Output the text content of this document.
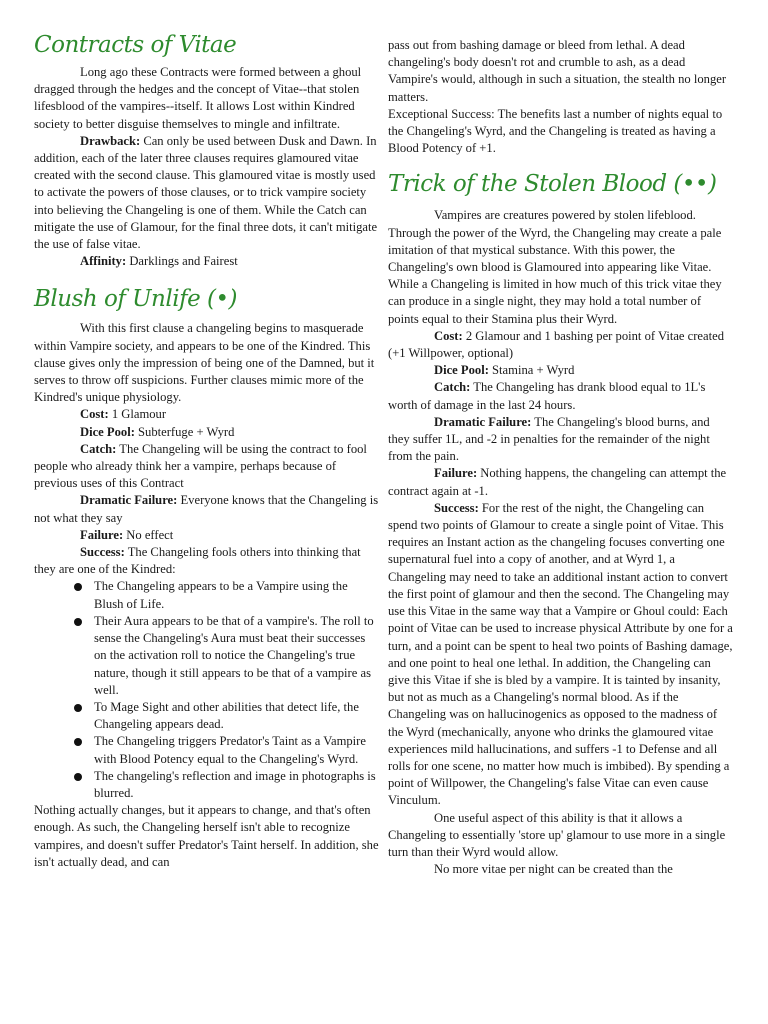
Contracts of Vitae

Long ago these Contracts were formed between a ghoul dragged through the hedges and the concept of Vitae--that stolen lifesblood of the vampires--itself. It allows Lost within Kindred society to better disguise themselves to mingle and infiltrate.

Drawback: Can only be used between Dusk and Dawn. In addition, each of the later three clauses requires glamoured vitae created with the second clause. This glamoured vitae is mostly used to activate the powers of those clauses, or to trick vampire society into believing the Changeling is one of them. While the Catch can mitigate the use of Glamour, for the final three dots, it can't mitigate the use of false vitae.

Affinity: Darklings and Fairest

Blush of Unlife (•)

With this first clause a changeling begins to masquerade within Vampire society, and appears to be one of the Kindred. This clause gives only the impression of being one of the Damned, but it serves to throw off suspicions. Further clauses mimic more of the Kindred's unique physiology.

Cost: 1 Glamour

Dice Pool: Subterfuge + Wyrd

Catch: The Changeling will be using the contract to fool people who already think her a vampire, perhaps because of previous uses of this Contract

Dramatic Failure: Everyone knows that the Changeling is not what they say

Failure: No effect

Success: The Changeling fools others into thinking that they are one of the Kindred:

The Changeling appears to be a Vampire using the Blush of Life.
Their Aura appears to be that of a vampire's. The roll to sense the Changeling's Aura must beat their successes on the activation roll to notice the Changeling's true nature, though it still appears to be that of a vampire as well.
To Mage Sight and other abilities that detect life, the Changeling appears dead.
The Changeling triggers Predator's Taint as a Vampire with Blood Potency equal to the Changeling's Wyrd.
The changeling's reflection and image in photographs is blurred.

Nothing actually changes, but it appears to change, and that's often enough. As such, the Changeling herself isn't able to recognize vampires, and doesn't suffer Predator's Taint herself. In addition, she isn't actually dead, and can

pass out from bashing damage or bleed from lethal. A dead changeling's body doesn't rot and crumble to ash, as a dead Vampire's would, although in such a situation, the stealth no longer matters.

Exceptional Success: The benefits last a number of nights equal to the Changeling's Wyrd, and the Changeling is treated as having a Blood Potency of +1.

Trick of the Stolen Blood (••)

Vampires are creatures powered by stolen lifeblood. Through the power of the Wyrd, the Changeling may create a pale imitation of that mystical substance. With this power, the Changeling's own blood is Glamoured into appearing like Vitae. While a Changeling is limited in how much of this trick vitae they can produce in a single night, they may hold a total number of points equal to their Stamina plus their Wyrd.

Cost: 2 Glamour and 1 bashing per point of Vitae created (+1 Willpower, optional)

Dice Pool: Stamina + Wyrd

Catch: The Changeling has drank blood equal to 1L's worth of damage in the last 24 hours.

Dramatic Failure: The Changeling's blood burns, and they suffer 1L, and -2 in penalties for the remainder of the night from the pain.

Failure: Nothing happens, the changeling can attempt the contract again at -1.

Success: For the rest of the night, the Changeling can spend two points of Glamour to create a single point of Vitae. This requires an Instant action as the changeling focuses converting one supernatural fuel into a copy of another, and at Wyrd 1, a Changeling may need to take an additional instant action to convert the first point of glamour and then the second. The Changeling may use this Vitae in the same way that a Vampire or Ghoul could: Each point of Vitae can be used to increase physical Attribute by one for a turn, and a point can be spent to heal two points of Bashing damage, and one point to heal one lethal. In addition, the Changeling can give this Vitae if she is bled by a vampire. It is tainted by insanity, but not as much as a Changeling's normal blood. As if the Changeling was on hallucinogenics as opposed to the madness of the Wyrd (mechanically, anyone who drinks the glamoured vitae experiences mild hallucinations, and suffers -1 to Defense and all rolls for one scene, no matter how much is imbibed). By spending a point of Willpower, the Changeling's false Vitae can even cause Vinculum.

One useful aspect of this ability is that it allows a Changeling to essentially 'store up' glamour to use more in a single turn than their Wyrd would allow.

No more vitae per night can be created than the
